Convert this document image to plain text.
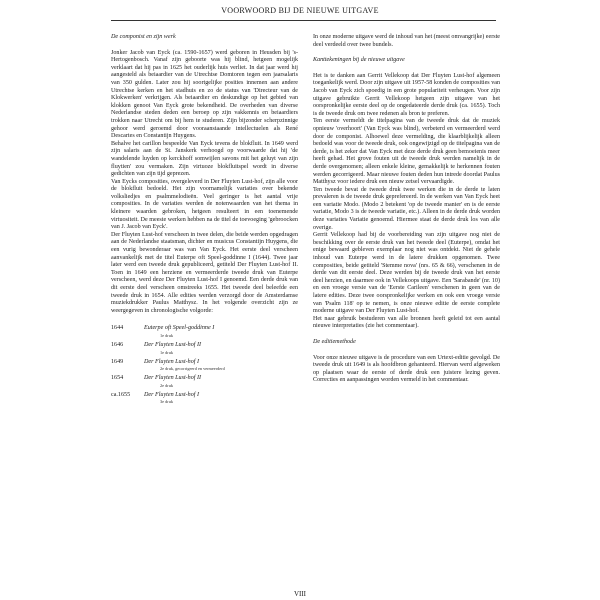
VOORWOORD BIJ DE NIEUWE UITGAVE
De componist en zijn werk

Jonker Jacob van Eyck (ca. 1590-1657) werd geboren in Heusden bij 's-Hertogenbosch. Vanaf zijn geboorte was hij blind, hetgeen mogelijk verklaart dat hij pas in 1625 het ouderlijk huis verliet. In dat jaar werd hij aangesteld als beiaardier van de Utrechtse Domtoren tegen een jaarsalaris van 350 gulden. Later zou hij soortgelijke posities innemen aan andere Utrechtse kerken en het stadhuis en zo de status van 'Directeur van de Klokwerken' verkrijgen. Als beiaardier en deskundige op het gebied van klokken genoot Van Eyck grote bekendheid. De overheden van diverse Nederlandse steden deden een beroep op zijn vakkennis en beiaardiers trokken naar Utrecht om bij hem te studeren. Zijn bijzonder scherpzinnige gehoor werd geroemd door vooraanstaande intellectuelen als René Descartes en Constantijn Huygens.

Behalve het carillon bespeelde Van Eyck tevens de blokfluit. In 1649 werd zijn salaris aan de St. Janskerk verhoogd op voorwaarde dat hij 'de wandelende luyden op kerckhoff somwijlen savons mit het geluyt van zijn fluytien' zou vermaken. Zijn virtuoze blokfluitspel wordt in diverse gedichten van zijn tijd geprezen.

Van Eycks composities, overgeleverd in Der Fluyten Lust-hof, zijn alle voor de blokfluit bedoeld. Het zijn voornamelijk variaties over bekende volksliedjes en psalmmelodieën. Veel geringer is het aantal vrije composities. In de variaties werden de notenwaarden van het thema in kleinere waarden gebroken, hetgeen resulteert in een toenemende virtuositeit. De meeste werken hebben na de titel de toevoeging 'gebroocken van J. Jacob van Eyck'.

Der Fluyten Lust-hof verscheen in twee delen, die beide werden opgedragen aan de Nederlandse staatsman, dichter en musicus Constantijn Huygens, die een vurig bewonderaar was van Van Eyck. Het eerste deel verscheen aanvankelijk met de titel Euterpe oft Speel-goddinne I (1644). Twee jaar later werd een tweede druk gepubliceerd, getiteld Der Fluyten Lust-hof II. Toen in 1649 een herziene en vermeerderde tweede druk van Euterpe verscheen, werd deze Der Fluyten Lust-hof I genoemd. Een derde druk van dit eerste deel verscheen omstreeks 1655. Het tweede deel beleefde een tweede druk in 1654. Alle edities werden verzorgd door de Amsterdamse muziekdrukker Paulus Matthysz. In het volgende overzicht zijn ze weergegeven in chronologische volgorde:

1644	Euterpe oft Speel-goddinne I
1e druk
1646	Der Fluyten Lust-hof II
1e druk
1649	Der Fluyten Lust-hof I
2e druk, gecorrigeerd en vermeerderd
1654	Der Fluyten Lust-hof II
2e druk
ca.1655	Der Fluyten Lust-hof I
3e druk

In onze moderne uitgave werd de inhoud van het (meest omvangrijke) eerste deel verdeeld over twee bundels.

Kanttekeningen bij de nieuwe uitgave

Het is te danken aan Gerrit Vellekoop dat Der Fluyten Lust-hof algemeen toegankelijk werd. Door zijn uitgave uit 1957-58 konden de composities van Jacob van Eyck zich spoedig in een grote populariteit verheugen. Voor zijn uitgave gebruikte Gerrit Vellekoop hetgeen zijn uitgave van het oorspronkelijke eerste deel op de ongedateerde derde druk (ca. 1655). Toch is de tweede druk om twee redenen als bron te preferen.

Ten eerste vermeldt de titelpagina van de tweede druk dat de muziek opnieuw 'overhoort' (Van Eyck was blind), verbeterd en vermeerderd werd door de componist. Alhoewel deze vermelding, die klaarblijkelijk alleen bedoeld was voor de tweede druk, ook ongewijzigd op de titelpagina van de derde, is het zeker dat Van Eyck met deze derde druk geen bemoeienis meer heeft gehad. Het grove fouten uit de tweede druk werden namelijk in de derde overgenomen; alleen enkele kleine, gemakkelijk te herkennen fouten werden gecorrigeerd. Maar nieuwe fouten deden hun intrede doordat Paulus Matthysz voor iedere druk een nieuw zetsel vervaardigde.

Ten tweede bevat de tweede druk twee werken die in de derde te laten prevaleren is de tweede druk geprefereerd. In de werken van Van Eyck heet een variatie Modo. (Modo 2 betekent 'op de tweede manier' en is de eerste variatie, Modo 3 is de tweede variatie, etc.). Alleen in de derde druk worden deze variaties Variatie genoemd. Hiermee staat de derde druk los van alle overige.

Gerrit Vellekoop had bij de voorbereiding van zijn uitgave nog niet de beschikking over de eerste druk van het tweede deel (Euterpe), omdat het enige bewaard gebleven exemplaar nog niet was ontdekt. Niet de gehele inhoud van Euterpe werd in de latere drukken opgenomen. Twee composities, beide getiteld 'Stemme nova' (nrs. 65 & 66), verschenen in de derde van dit eerste deel. Deze werden bij de tweede druk van het eerste deel herzien, en daarmee ook in Vellekoops uitgave. Een 'Sarabande' (nr. 10) en een vroege versie van de 'Eerste Carileen' verschenen in geen van de latere edities. Deze twee oorspronkelijke werken en ook een vroege versie van 'Psalm 118' op te nemen, is onze nieuwe editie de eerste complete moderne uitgave van Der Fluyten Lust-hof.

Het naar gebruik bestuderen van alle bronnen heeft geleid tot een aantal nieuwe interpretaties (zie het commentaar).

De editiemethode

Voor onze nieuwe uitgave is de procedure van een Urtext-editie gevolgd. De tweede druk uit 1649 is als hoofdbron gehanteerd. Hiervan werd afgeweken op plaatsen waar de eerste of derde druk een juistere lezing geven. Correcties en aanpassingen worden vermeld in het commentaar.

VIII
